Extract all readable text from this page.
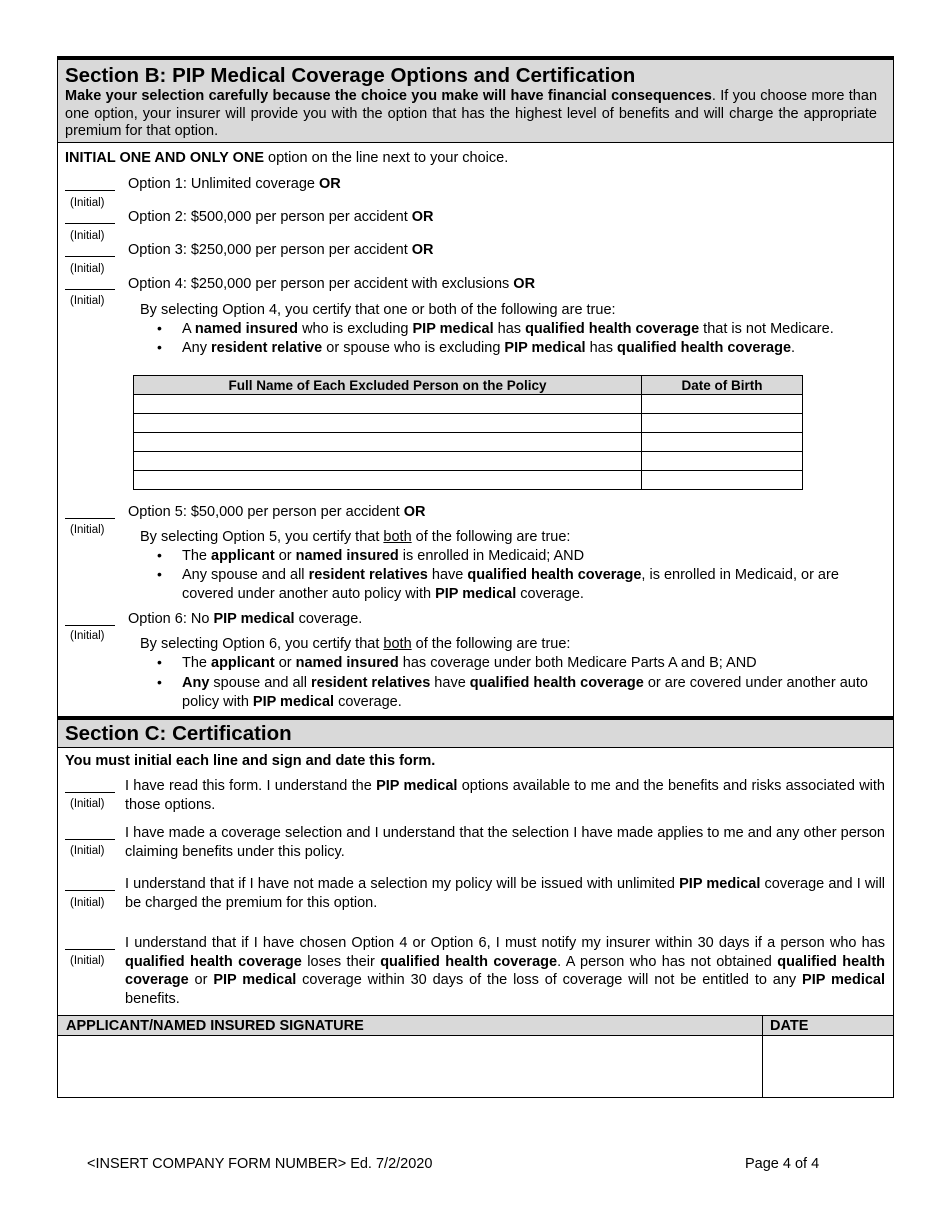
Section B: PIP Medical Coverage Options and Certification
Make your selection carefully because the choice you make will have financial consequences. If you choose more than one option, your insurer will provide you with the option that has the highest level of benefits and will charge the appropriate premium for that option.
INITIAL ONE AND ONLY ONE option on the line next to your choice.
Option 1: Unlimited coverage OR
(Initial)
Option 2: $500,000 per person per accident OR
(Initial)
Option 3: $250,000 per person per accident OR
(Initial)
Option 4: $250,000 per person per accident with exclusions OR
(Initial)
By selecting Option 4, you certify that one or both of the following are true:
• A named insured who is excluding PIP medical has qualified health coverage that is not Medicare.
• Any resident relative or spouse who is excluding PIP medical has qualified health coverage.
Full Name of Each Excluded Person on the Policy	Date of Birth

Option 5: $50,000 per person per accident OR
(Initial) By selecting Option 5, you certify that both of the following are true:
• The applicant or named insured is enrolled in Medicaid; AND
• Any spouse and all resident relatives have qualified health coverage, is enrolled in Medicaid, or are covered under another auto policy with PIP medical coverage.
Option 6: No PIP medical coverage.
(Initial) By selecting Option 6, you certify that both of the following are true:
• The applicant or named insured has coverage under both Medicare Parts A and B; AND
• Any spouse and all resident relatives have qualified health coverage or are covered under another auto policy with PIP medical coverage.
Section C: Certification
You must initial each line and sign and date this form.
(Initial)
I have read this form. I understand the PIP medical options available to me and the benefits and risks associated with those options.
(Initial)
I have made a coverage selection and I understand that the selection I have made applies to me and any other person claiming benefits under this policy.
(Initial)
I understand that if I have not made a selection my policy will be issued with unlimited PIP medical coverage and I will be charged the premium for this option.
(Initial)
I understand that if I have chosen Option 4 or Option 6, I must notify my insurer within 30 days if a person who has qualified health coverage loses their qualified health coverage. A person who has not obtained qualified health coverage or PIP medical coverage within 30 days of the loss of coverage will not be entitled to any PIP medical benefits.
APPLICANT/NAMED INSURED SIGNATURE	DATE
<INSERT COMPANY FORM NUMBER> Ed. 7/2/2020	Page 4 of 4
